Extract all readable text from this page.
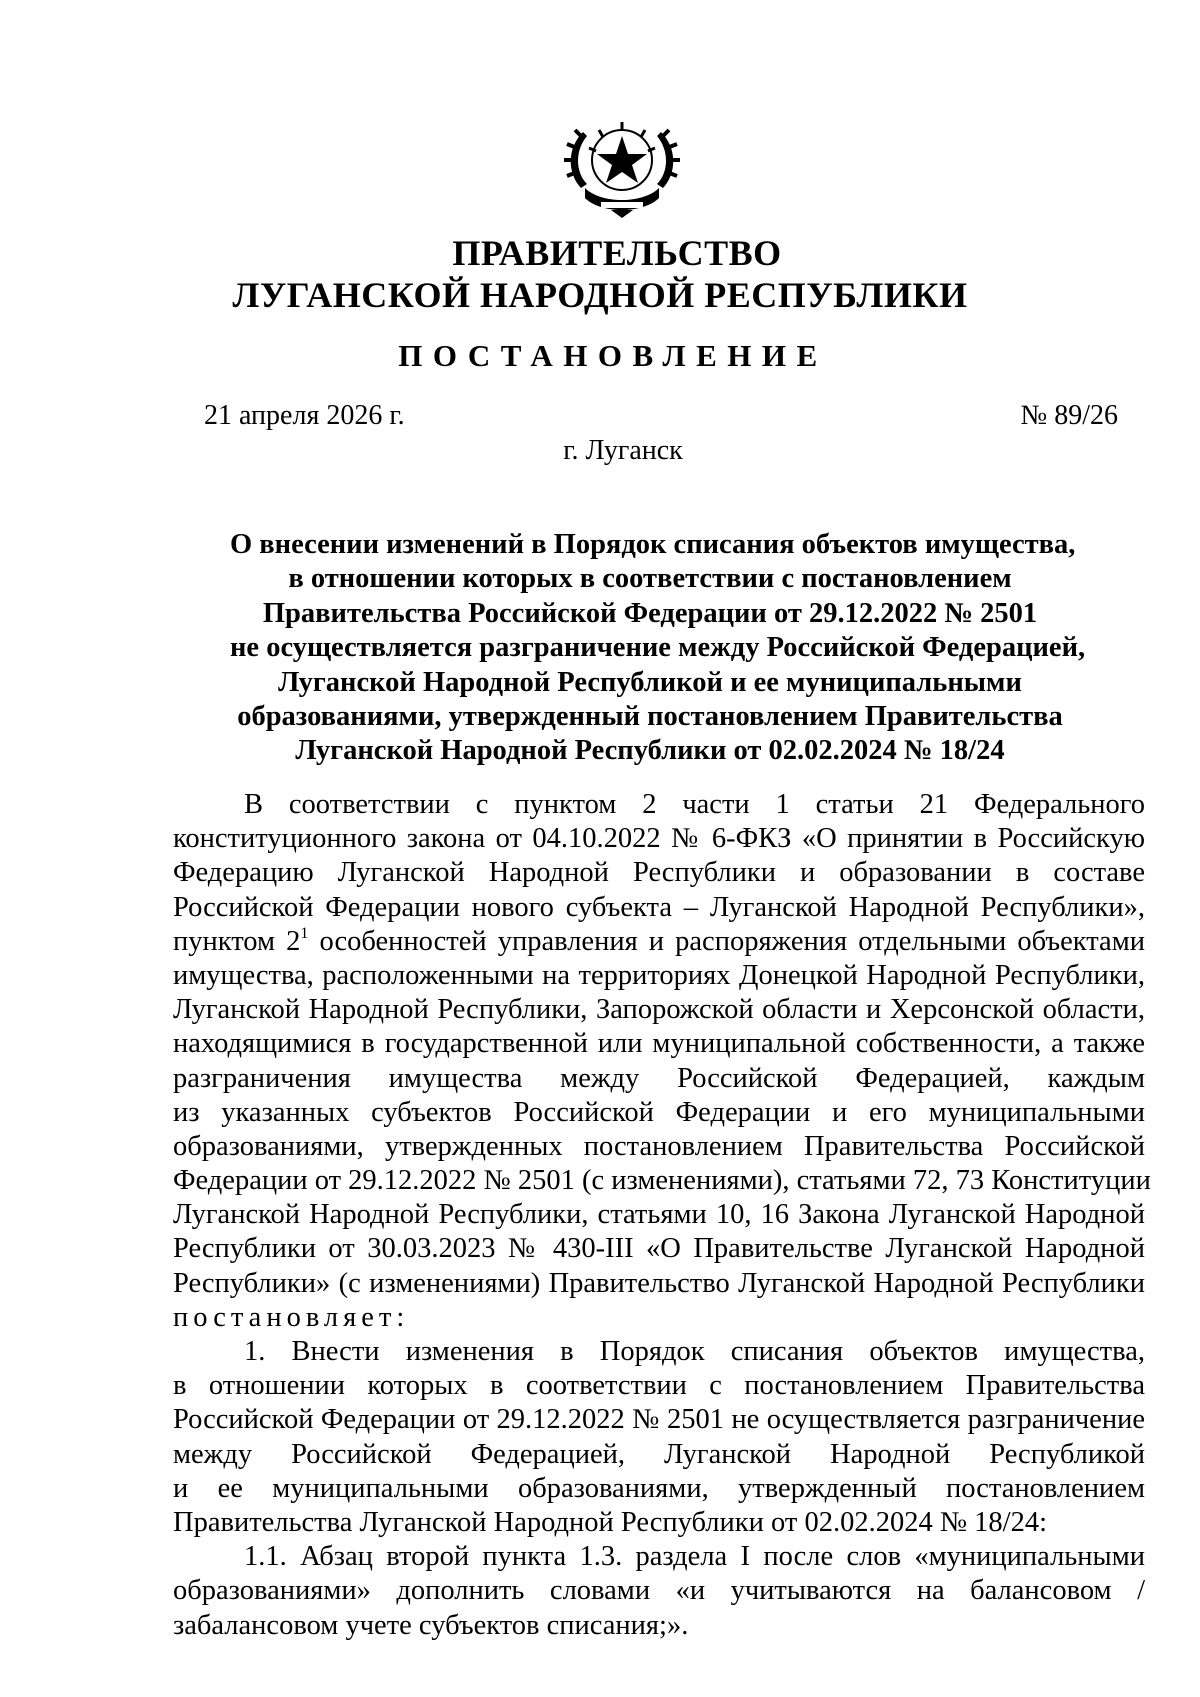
ПРАВИТЕЛЬСТВО
ЛУГАНСКОЙ НАРОДНОЙ РЕСПУБЛИКИ
ПОСТАНОВЛЕНИЕ
21 апреля 2026 г.	№ 89/26
г. Луганск
О внесении изменений в Порядок списания объектов имущества,
в отношении которых в соответствии с постановлением
Правительства Российской Федерации от 29.12.2022 № 2501
не осуществляется разграничение между Российской Федерацией,
Луганской Народной Республикой и ее муниципальными
образованиями, утвержденный постановлением Правительства
Луганской Народной Республики от 02.02.2024 № 18/24
В соответствии с пунктом 2 части 1 статьи 21 Федерального
конституционного закона от 04.10.2022 № 6-ФКЗ «О принятии в Российскую
Федерацию Луганской Народной Республики и образовании в составе
Российской Федерации нового субъекта – Луганской Народной Республики»,
пунктом $2^1$ особенностей управления и распоряжения отдельными объектами
имущества, расположенными на территориях Донецкой Народной Республики,
Луганской Народной Республики, Запорожской области и Херсонской области,
находящимися в государственной или муниципальной собственности, а также
разграничения имущества между Российской Федерацией, каждым
из указанных субъектов Российской Федерации и его муниципальными
образованиями, утвержденных постановлением Правительства Российской
Федерации от 29.12.2022 № 2501 (с изменениями), статьями 72, 73 Конституции
Луганской Народной Республики, статьями 10, 16 Закона Луганской Народной
Республики от 30.03.2023 № 430-III «О Правительстве Луганской Народной
Республики» (с изменениями) Правительство Луганской Народной Республики
постановляет:
1. Внести изменения в Порядок списания объектов имущества,
в отношении которых в соответствии с постановлением Правительства
Российской Федерации от 29.12.2022 № 2501 не осуществляется разграничение
между Российской Федерацией, Луганской Народной Республикой
и ее муниципальными образованиями, утвержденный постановлением
Правительства Луганской Народной Республики от 02.02.2024 № 18/24:
1.1. Абзац второй пункта 1.3. раздела I после слов «муниципальными
образованиями» дополнить словами «и учитываются на балансовом /
забалансовом учете субъектов списания;».
